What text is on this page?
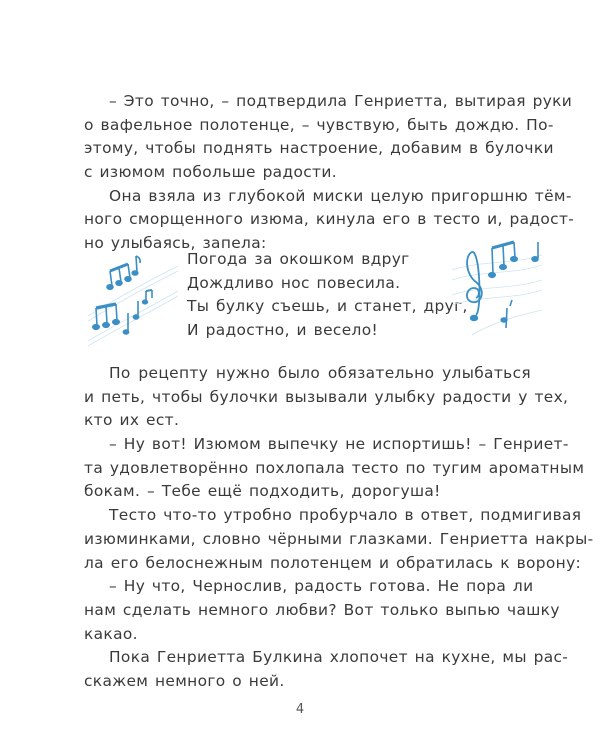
– Это точно, – подтвердила Генриетта, вытирая руки
о вафельное полотенце, – чувствую, быть дождю. По-
этому, чтобы поднять настроение, добавим в булочки
с изюмом побольше радости.
Она взяла из глубокой миски целую пригоршню тём-
ного сморщенного изюма, кинула его в тесто и, радост-
но улыбаясь, запела:
Погода за окошком вдруг
Дождливо нос повесила.
Ты булку съешь, и станет, друг,
И радостно, и весело!
По рецепту нужно было обязательно улыбаться
и петь, чтобы булочки вызывали улыбку радости у тех,
кто их ест.
– Ну вот! Изюмом выпечку не испортишь! – Генриет-
та удовлетворённо похлопала тесто по тугим ароматным
бокам. – Тебе ещё подходить, дорогуша!
Тесто что-то утробно пробурчало в ответ, подмигивая
изюминками, словно чёрными глазками. Генриетта накры-
ла его белоснежным полотенцем и обратилась к ворону:
– Ну что, Чернослив, радость готова. Не пора ли
нам сделать немного любви? Вот только выпью чашку
какао.
Пока Генриетта Булкина хлопочет на кухне, мы рас-
скажем немного о ней.
4
